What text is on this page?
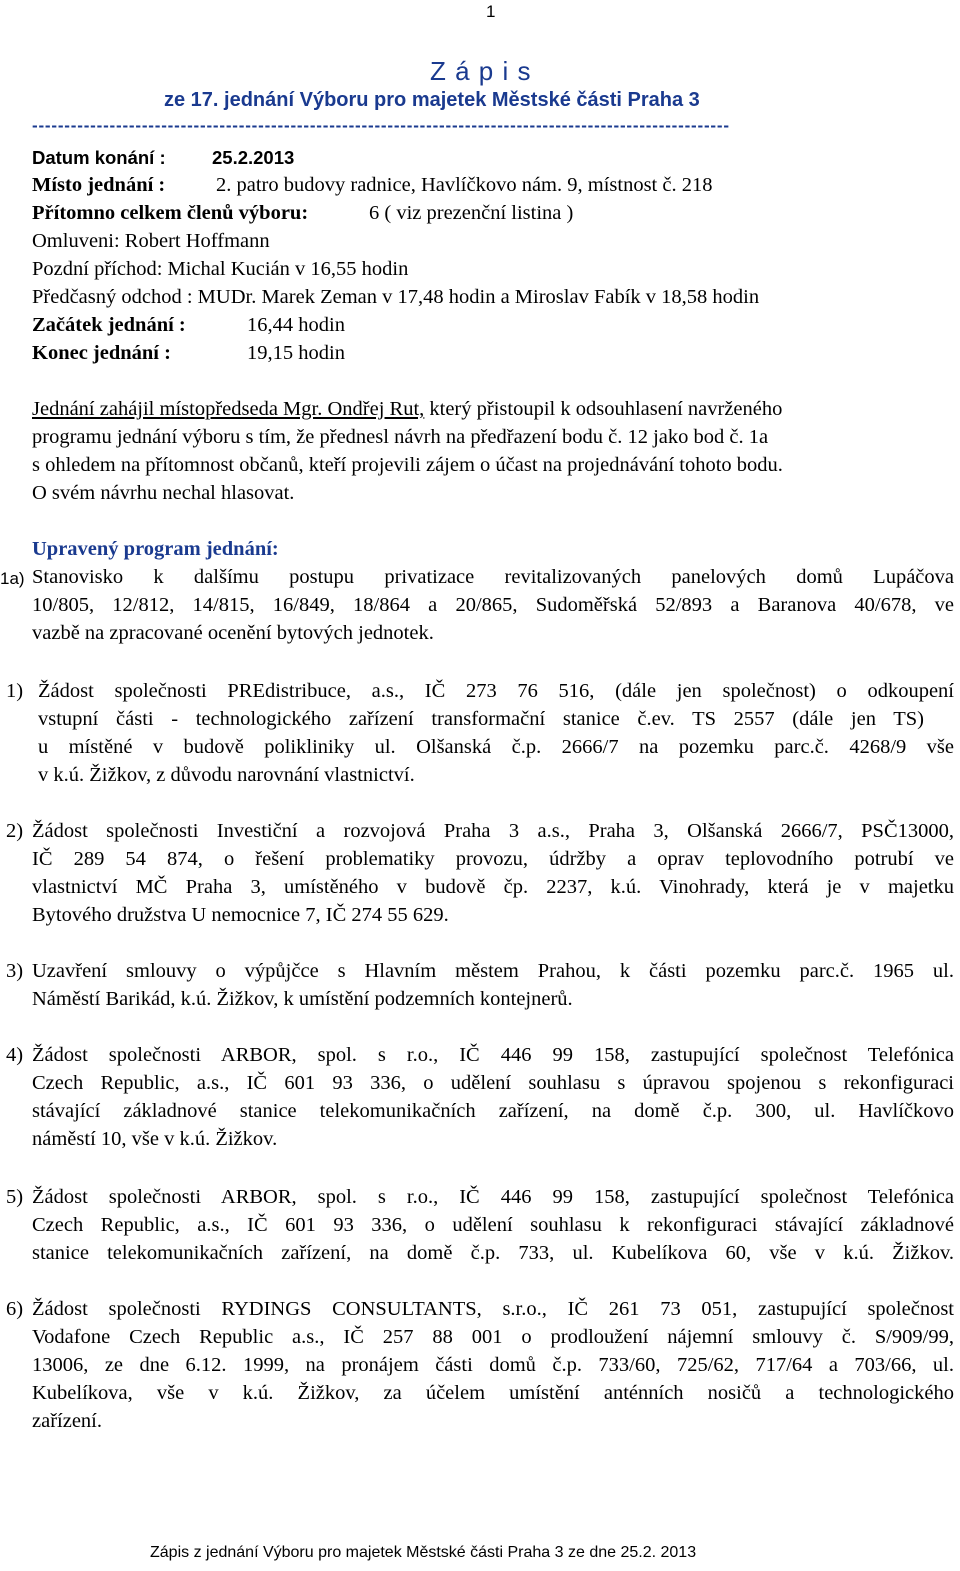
1
Z á p i s
ze 17. jednání Výboru pro majetek Městské části Praha 3
------------------------------------------------------------------------------------------------------------
Datum konání :	25.2.2013
Místo jednání : 2. patro budovy radnice, Havlíčkovo nám. 9, místnost č. 218
Přítomno celkem členů výboru:	6 ( viz prezenční listina )
Omluveni: Robert Hoffmann
Pozdní příchod: Michal Kucián v 16,55 hodin
Předčasný odchod : MUDr. Marek Zeman v 17,48 hodin a Miroslav Fabík v 18,58 hodin
Začátek jednání :	16,44 hodin
Konec jednání :	19,15 hodin
Jednání zahájil místopředseda Mgr. Ondřej Rut, který přistoupil k odsouhlasení navrženého
programu jednání výboru s tím, že přednesl návrh na předřazení bodu č. 12 jako bod č. 1a
s ohledem na přítomnost občanů, kteří projevili zájem o účast na projednávání tohoto bodu.
O svém návrhu nechal hlasovat.
Upravený program jednání:
1a) Stanovisko k dalšímu postupu privatizace revitalizovaných panelových domů Lupáčova
10/805, 12/812, 14/815, 16/849, 18/864 a 20/865, Sudoměřská 52/893 a Baranova 40/678, ve
vazbě na zpracované ocenění bytových jednotek.
1) Žádost společnosti PREdistribuce, a.s., IČ 273 76 516, (dále jen společnost) o odkoupení
vstupní části - technologického zařízení transformační stanice č.ev. TS 2557 (dále jen TS)
u místěné v budově polikliniky ul. Olšanská č.p. 2666/7 na pozemku parc.č. 4268/9 vše
v k.ú. Žižkov, z důvodu narovnání vlastnictví.
2) Žádost společnosti Investiční a rozvojová Praha 3 a.s., Praha 3, Olšanská 2666/7, PSČ13000,
IČ 289 54 874, o řešení problematiky provozu, údržby a oprav teplovodního potrubí ve
vlastnictví MČ Praha 3, umístěného v budově čp. 2237, k.ú. Vinohrady, která je v majetku
Bytového družstva U nemocnice 7, IČ 274 55 629.
3) Uzavření smlouvy o výpůjčce s Hlavním městem Prahou, k části pozemku parc.č. 1965 ul.
Náměstí Barikád, k.ú. Žižkov, k umístění podzemních kontejnerů.
4) Žádost společnosti ARBOR, spol. s r.o., IČ 446 99 158, zastupující společnost Telefónica
Czech Republic, a.s., IČ 601 93 336, o udělení souhlasu s úpravou spojenou s rekonfiguraci
stávající základnové stanice telekomunikačních zařízení, na domě č.p. 300, ul. Havlíčkovo
náměstí 10, vše v k.ú. Žižkov.
5) Žádost společnosti ARBOR, spol. s r.o., IČ 446 99 158, zastupující společnost Telefónica
Czech Republic, a.s., IČ 601 93 336, o udělení souhlasu k rekonfiguraci stávající základnové
stanice telekomunikačních zařízení, na domě č.p. 733, ul. Kubelíkova 60, vše v k.ú. Žižkov.
6) Žádost společnosti RYDINGS CONSULTANTS, s.r.o., IČ 261 73 051, zastupující společnost
Vodafone Czech Republic a.s., IČ 257 88 001 o prodloužení nájemní smlouvy č. S/909/99,
13006, ze dne 6.12. 1999, na pronájem části domů č.p. 733/60, 725/62, 717/64 a 703/66, ul.
Kubelíkova, vše v k.ú. Žižkov, za účelem umístění anténních nosičů a technologického
zařízení.
Zápis z jednání Výboru pro majetek Městské části Praha 3 ze dne 25.2. 2013
